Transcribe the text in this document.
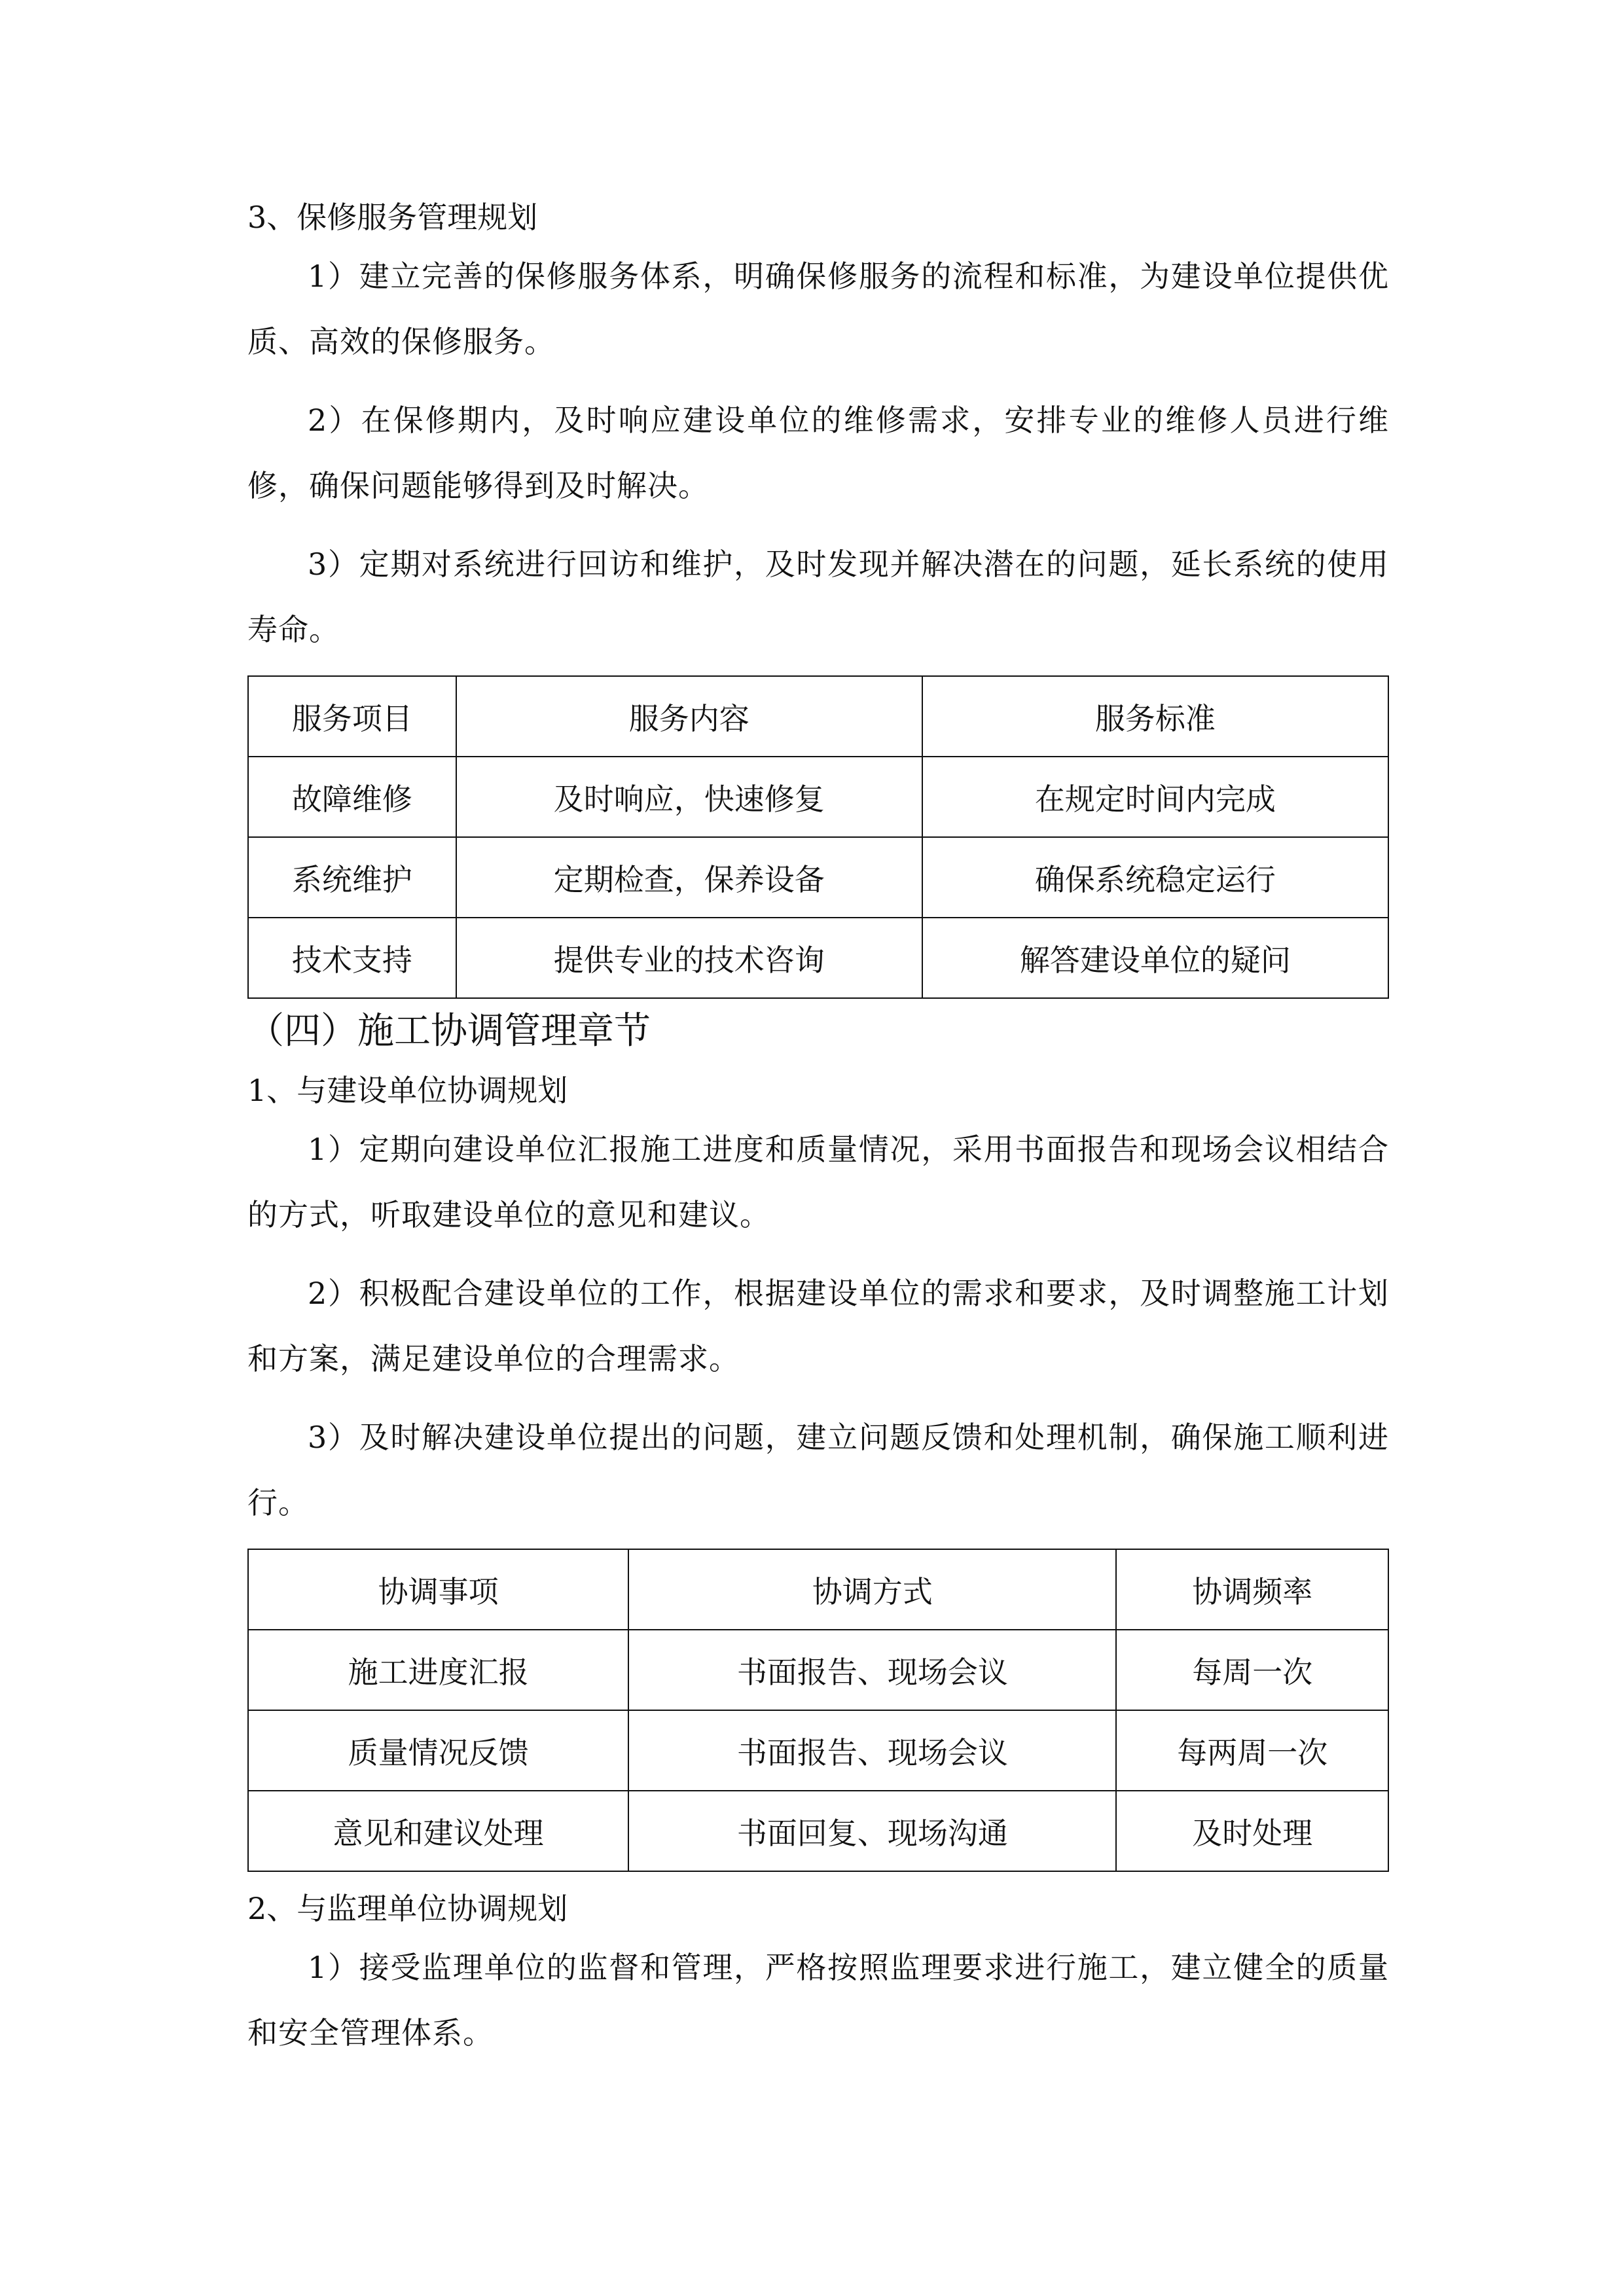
3、保修服务管理规划

1）建立完善的保修服务体系，明确保修服务的流程和标准，为建设单位提供优质、高效的保修服务。

2）在保修期内，及时响应建设单位的维修需求，安排专业的维修人员进行维修，确保问题能够得到及时解决。

3）定期对系统进行回访和维护，及时发现并解决潜在的问题，延长系统的使用寿命。

服务项目	服务内容	服务标准
故障维修	及时响应，快速修复	在规定时间内完成
系统维护	定期检查，保养设备	确保系统稳定运行
技术支持	提供专业的技术咨询	解答建设单位的疑问

（四）施工协调管理章节

1、与建设单位协调规划

1）定期向建设单位汇报施工进度和质量情况，采用书面报告和现场会议相结合的方式，听取建设单位的意见和建议。

2）积极配合建设单位的工作，根据建设单位的需求和要求，及时调整施工计划和方案，满足建设单位的合理需求。

3）及时解决建设单位提出的问题，建立问题反馈和处理机制，确保施工顺利进行。

协调事项	协调方式	协调频率
施工进度汇报	书面报告、现场会议	每周一次
质量情况反馈	书面报告、现场会议	每两周一次
意见和建议处理	书面回复、现场沟通	及时处理

2、与监理单位协调规划

1）接受监理单位的监督和管理，严格按照监理要求进行施工，建立健全的质量和安全管理体系。
